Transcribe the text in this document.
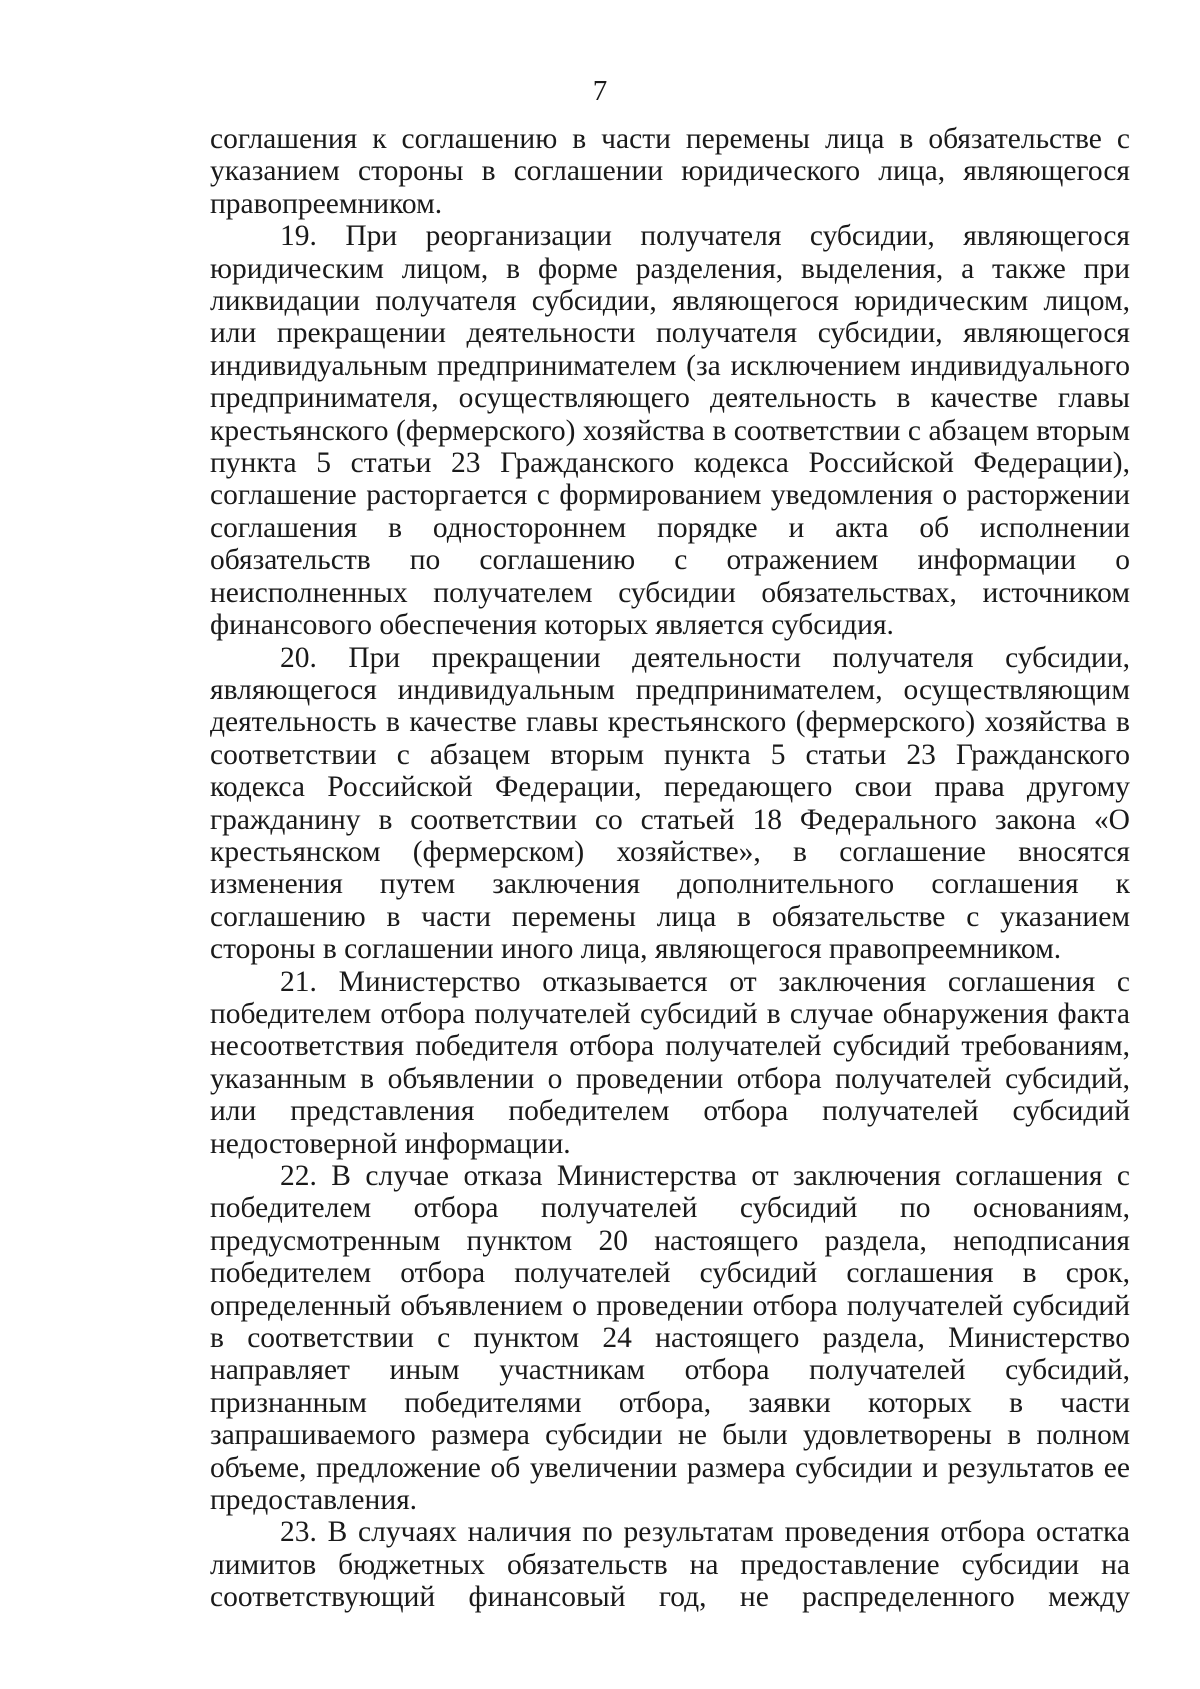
7

соглашения к соглашению в части перемены лица в обязательстве с указанием стороны в соглашении юридического лица, являющегося правопреемником.

19. При реорганизации получателя субсидии, являющегося юридическим лицом, в форме разделения, выделения, а также при ликвидации получателя субсидии, являющегося юридическим лицом, или прекращении деятельности получателя субсидии, являющегося индивидуальным предпринимателем (за исключением индивидуального предпринимателя, осуществляющего деятельность в качестве главы крестьянского (фермерского) хозяйства в соответствии с абзацем вторым пункта 5 статьи 23 Гражданского кодекса Российской Федерации), соглашение расторгается с формированием уведомления о расторжении соглашения в одностороннем порядке и акта об исполнении обязательств по соглашению с отражением информации о неисполненных получателем субсидии обязательствах, источником финансового обеспечения которых является субсидия.

20. При прекращении деятельности получателя субсидии, являющегося индивидуальным предпринимателем, осуществляющим деятельность в качестве главы крестьянского (фермерского) хозяйства в соответствии с абзацем вторым пункта 5 статьи 23 Гражданского кодекса Российской Федерации, передающего свои права другому гражданину в соответствии со статьей 18 Федерального закона «О крестьянском (фермерском) хозяйстве», в соглашение вносятся изменения путем заключения дополнительного соглашения к соглашению в части перемены лица в обязательстве с указанием стороны в соглашении иного лица, являющегося правопреемником.

21. Министерство отказывается от заключения соглашения с победителем отбора получателей субсидий в случае обнаружения факта несоответствия победителя отбора получателей субсидий требованиям, указанным в объявлении о проведении отбора получателей субсидий, или представления победителем отбора получателей субсидий недостоверной информации.

22. В случае отказа Министерства от заключения соглашения с победителем отбора получателей субсидий по основаниям, предусмотренным пунктом 20 настоящего раздела, неподписания победителем отбора получателей субсидий соглашения в срок, определенный объявлением о проведении отбора получателей субсидий в соответствии с пунктом 24 настоящего раздела, Министерство направляет иным участникам отбора получателей субсидий, признанным победителями отбора, заявки которых в части запрашиваемого размера субсидии не были удовлетворены в полном объеме, предложение об увеличении размера субсидии и результатов ее предоставления.

23. В случаях наличия по результатам проведения отбора остатка лимитов бюджетных обязательств на предоставление субсидии на соответствующий финансовый год, не распределенного между
